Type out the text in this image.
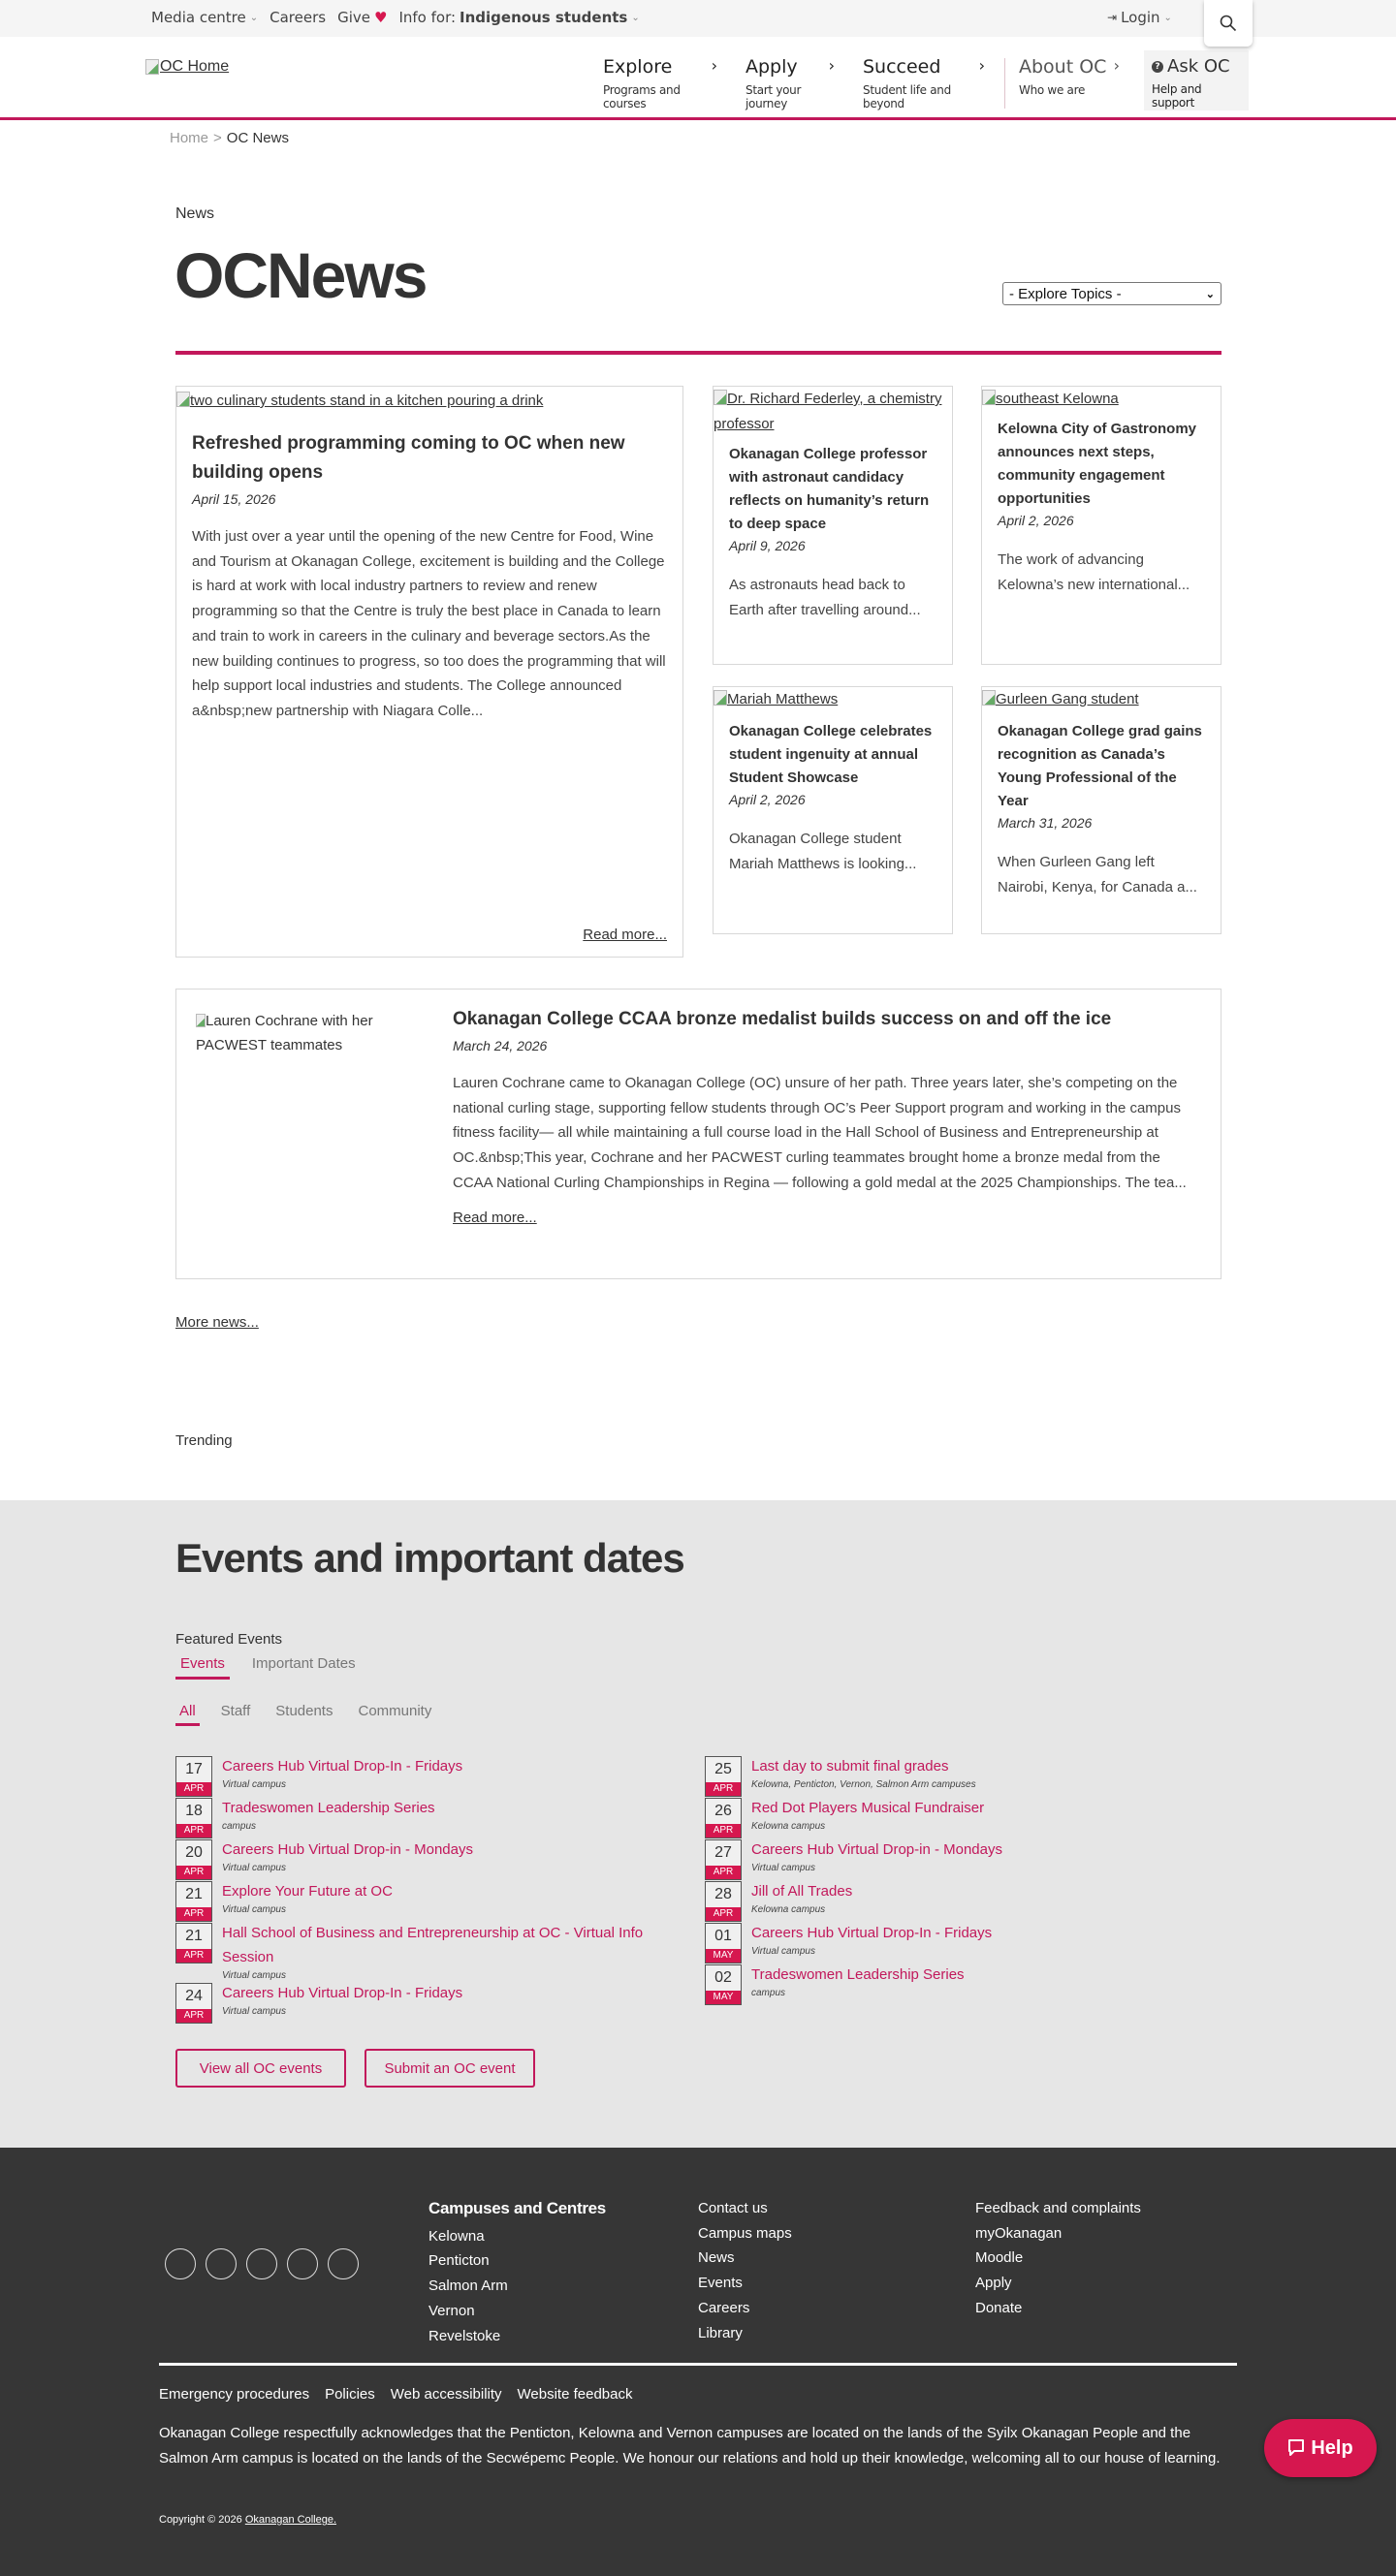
Media centre ⌄ Careers Give ♥ Info for: Indigenous students ⌄	⇥ Login ⌄
OC Home	Explore	›
Programs and courses
Apply ›
Start your journey
Succeed ›
Student life and beyond
About OC ›
Who we are
? Ask OC
Help and support
Home > OC News
News
OCNews	- Explore Topics -	⌄
two culinary students stand in a kitchen pouring a drink
Refreshed programming coming to OC when new building opens
April 15, 2026
With just over a year until the opening of the new Centre for Food, Wine and Tourism at Okanagan College, excitement is building and the College is hard at work with local industry partners to review and renew programming so that the Centre is truly the best place in Canada to learn and train to work in careers in the culinary and beverage sectors.As the new building continues to progress, so too does the programming that will help support local industries and students. The College announced a&nbsp;new partnership with Niagara Colle...
Read more...
Dr. Richard Federley, a chemistry professor
Okanagan College professor with astronaut candidacy reflects on humanity’s return to deep space
April 9, 2026
As astronauts head back to Earth after travelling around...
southeast Kelowna
Kelowna City of Gastronomy announces next steps, community engagement opportunities
April 2, 2026
The work of advancing Kelowna’s new international...
Mariah Matthews
Okanagan College celebrates student ingenuity at annual Student Showcase
April 2, 2026
Okanagan College student Mariah Matthews is looking...
Gurleen Gang student
Okanagan College grad gains recognition as Canada’s Young Professional of the Year
March 31, 2026
When Gurleen Gang left Nairobi, Kenya, for Canada a...
Lauren Cochrane with her PACWEST teammates
Okanagan College CCAA bronze medalist builds success on and off the ice
March 24, 2026
Lauren Cochrane came to Okanagan College (OC) unsure of her path. Three years later, she’s competing on the national curling stage, supporting fellow students through OC’s Peer Support program and working in the campus fitness facility— all while maintaining a full course load in the Hall School of Business and Entrepreneurship at OC.&nbsp;This year, Cochrane and her PACWEST curling teammates brought home a bronze medal from the CCAA National Curling Championships in Regina — following a gold medal at the 2025 Championships. The tea...
Read more...
More news...
Trending
Events and important dates
Featured Events
Events	Important Dates
All Staff Students Community
17
APR
Careers Hub Virtual Drop-In - Fridays
Virtual campus
18
APR
Tradeswomen Leadership Series
campus
20
APR
Careers Hub Virtual Drop-in - Mondays
Virtual campus
21
APR
Explore Your Future at OC
Virtual campus
21
APR
Hall School of Business and Entrepreneurship at OC - Virtual Info Session
Virtual campus
24
APR
Careers Hub Virtual Drop-In - Fridays
Virtual campus
25
APR
Last day to submit final grades
Kelowna, Penticton, Vernon, Salmon Arm campuses
26
APR
Red Dot Players Musical Fundraiser
Kelowna campus
27
APR
Careers Hub Virtual Drop-in - Mondays
Virtual campus
28
APR
Jill of All Trades
Kelowna campus
01
MAY
Careers Hub Virtual Drop-In - Fridays
Virtual campus
02
MAY
Tradeswomen Leadership Series
campus
View all OC events	Submit an OC event
Campuses and Centres
Kelowna
Penticton
Salmon Arm
Vernon
Revelstoke
Contact us
Campus maps
News
Events
Careers
Library
Feedback and complaints
myOkanagan
Moodle
Apply
Donate
Emergency procedures Policies Web accessibility Website feedback

Okanagan College respectfully acknowledges that the Penticton, Kelowna and Vernon campuses are located on the lands of the Syilx Okanagan People and the Salmon Arm campus is located on the lands of the Secwépemc People. We honour our relations and hold up their knowledge, welcoming all to our house of learning.

Copyright © 2026 Okanagan College.
Help
